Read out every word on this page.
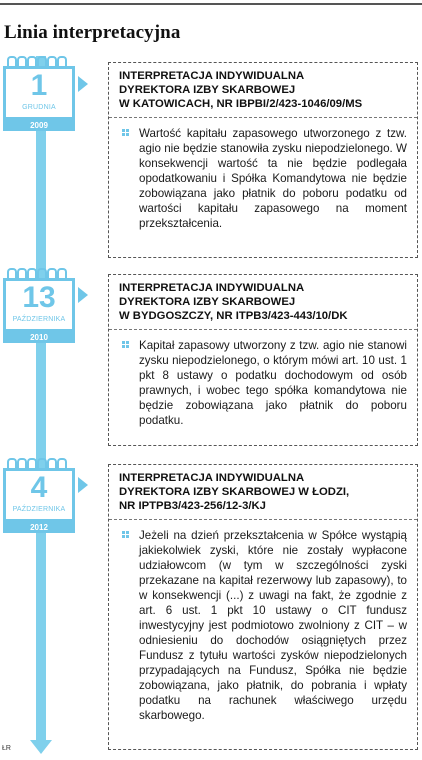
Linia interpretacyjna
ŁR
1
GRUDNIA
2009
INTERPRETACJA INDYWIDUALNA
DYREKTORA IZBY SKARBOWEJ
W KATOWICACH, NR IBPBI/2/423-1046/09/MS
Wartość kapitału zapasowego utworzonego z tzw. agio nie będzie stanowiła zysku niepodzielonego. W konsekwencji wartość ta nie będzie podlegała opodatkowaniu i Spółka Komandytowa nie będzie zobowiązana jako płatnik do poboru podatku od wartości kapitału zapasowego na moment przekształcenia.
13
PAŹDZIERNIKA
2010
INTERPRETACJA INDYWIDUALNA
DYREKTORA IZBY SKARBOWEJ
W BYDGOSZCZY, NR ITPB3/423-443/10/DK
Kapitał zapasowy utworzony z tzw. agio nie stanowi zysku niepodzielonego, o którym mówi art. 10 ust. 1 pkt 8 ustawy o podatku dochodowym od osób prawnych, i wobec tego spółka komandytowa nie będzie zobowiązana jako płatnik do poboru podatku.
4
PAŹDZIERNIKA
2012
INTERPRETACJA INDYWIDUALNA
DYREKTORA IZBY SKARBOWEJ W ŁODZI,
NR IPTPB3/423-256/12-3/KJ
Jeżeli na dzień przekształcenia w Spółce wystąpią jakiekolwiek zyski, które nie zostały wypłacone udziałowcom (w tym w szczególności zyski przekazane na kapitał rezerwowy lub zapasowy), to w konsekwencji (...) z uwagi na fakt, że zgodnie z art. 6 ust. 1 pkt 10 ustawy o CIT fundusz inwestycyjny jest podmiotowo zwolniony z CIT – w odniesieniu do dochodów osiągniętych przez Fundusz z tytułu wartości zysków niepodzielonych przypadających na Fundusz, Spółka nie będzie zobowiązana, jako płatnik, do pobrania i wpłaty podatku na rachunek właściwego urzędu skarbowego.
